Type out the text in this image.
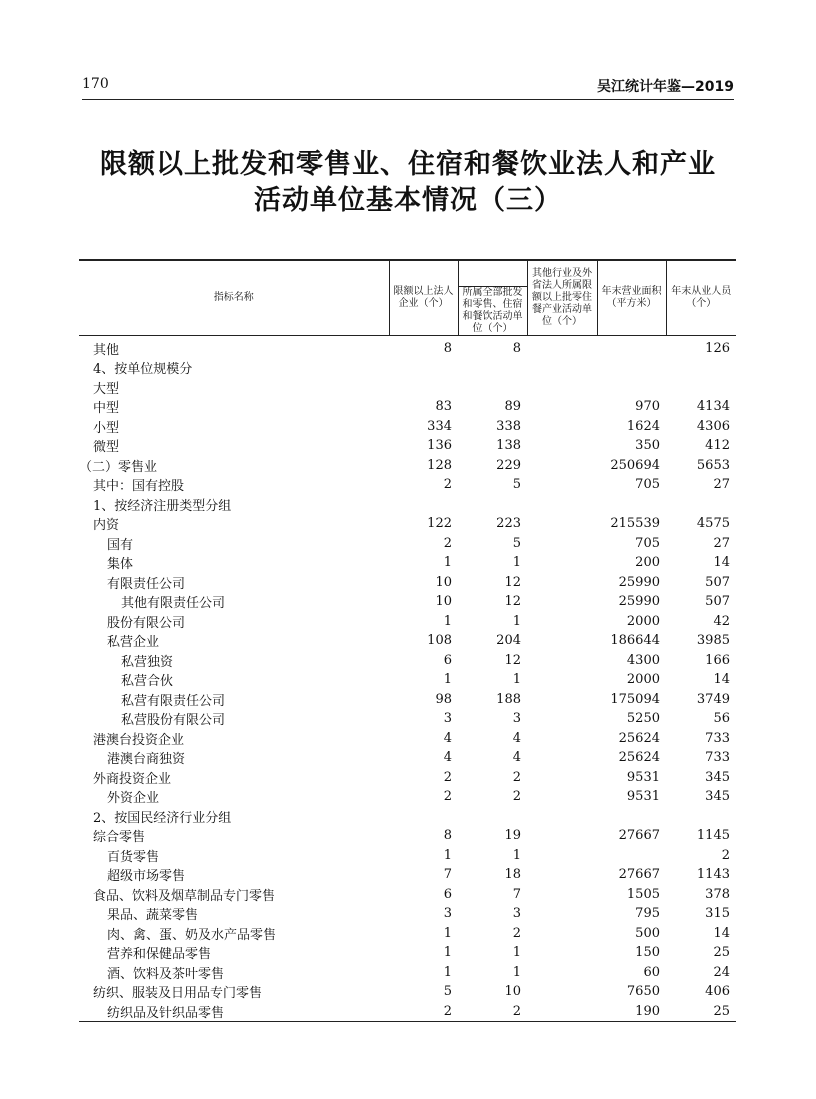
170	吴江统计年鉴—2019
限额以上批发和零售业、住宿和餐饮业法人和产业
活动单位基本情况（三）
指标名称	限额以上法人企业（个）		其他行业及外省法人所属限额以上批零住餐产业活动单位（个）	年末营业面积（平方米）	年末从业人员（个）
		所属全部批发和零售、住宿和餐饮活动单位（个）			
其他	8	8			126
4、按单位规模分					
大型					
中型	83	89		970	4134
小型	334	338		1624	4306
微型	136	138		350	412
（二）零售业	128	229		250694	5653
其中：国有控股	2	5		705	27
1、按经济注册类型分组					
内资	122	223		215539	4575
国有	2	5		705	27
集体	1	1		200	14
有限责任公司	10	12		25990	507
其他有限责任公司	10	12		25990	507
股份有限公司	1	1		2000	42
私营企业	108	204		186644	3985
私营独资	6	12		4300	166
私营合伙	1	1		2000	14
私营有限责任公司	98	188		175094	3749
私营股份有限公司	3	3		5250	56
港澳台投资企业	4	4		25624	733
港澳台商独资	4	4		25624	733
外商投资企业	2	2		9531	345
外资企业	2	2		9531	345
2、按国民经济行业分组					
综合零售	8	19		27667	1145
百货零售	1	1			2
超级市场零售	7	18		27667	1143
食品、饮料及烟草制品专门零售	6	7		1505	378
果品、蔬菜零售	3	3		795	315
肉、禽、蛋、奶及水产品零售	1	2		500	14
营养和保健品零售	1	1		150	25
酒、饮料及茶叶零售	1	1		60	24
纺织、服装及日用品专门零售	5	10		7650	406
纺织品及针织品零售	2	2		190	25
